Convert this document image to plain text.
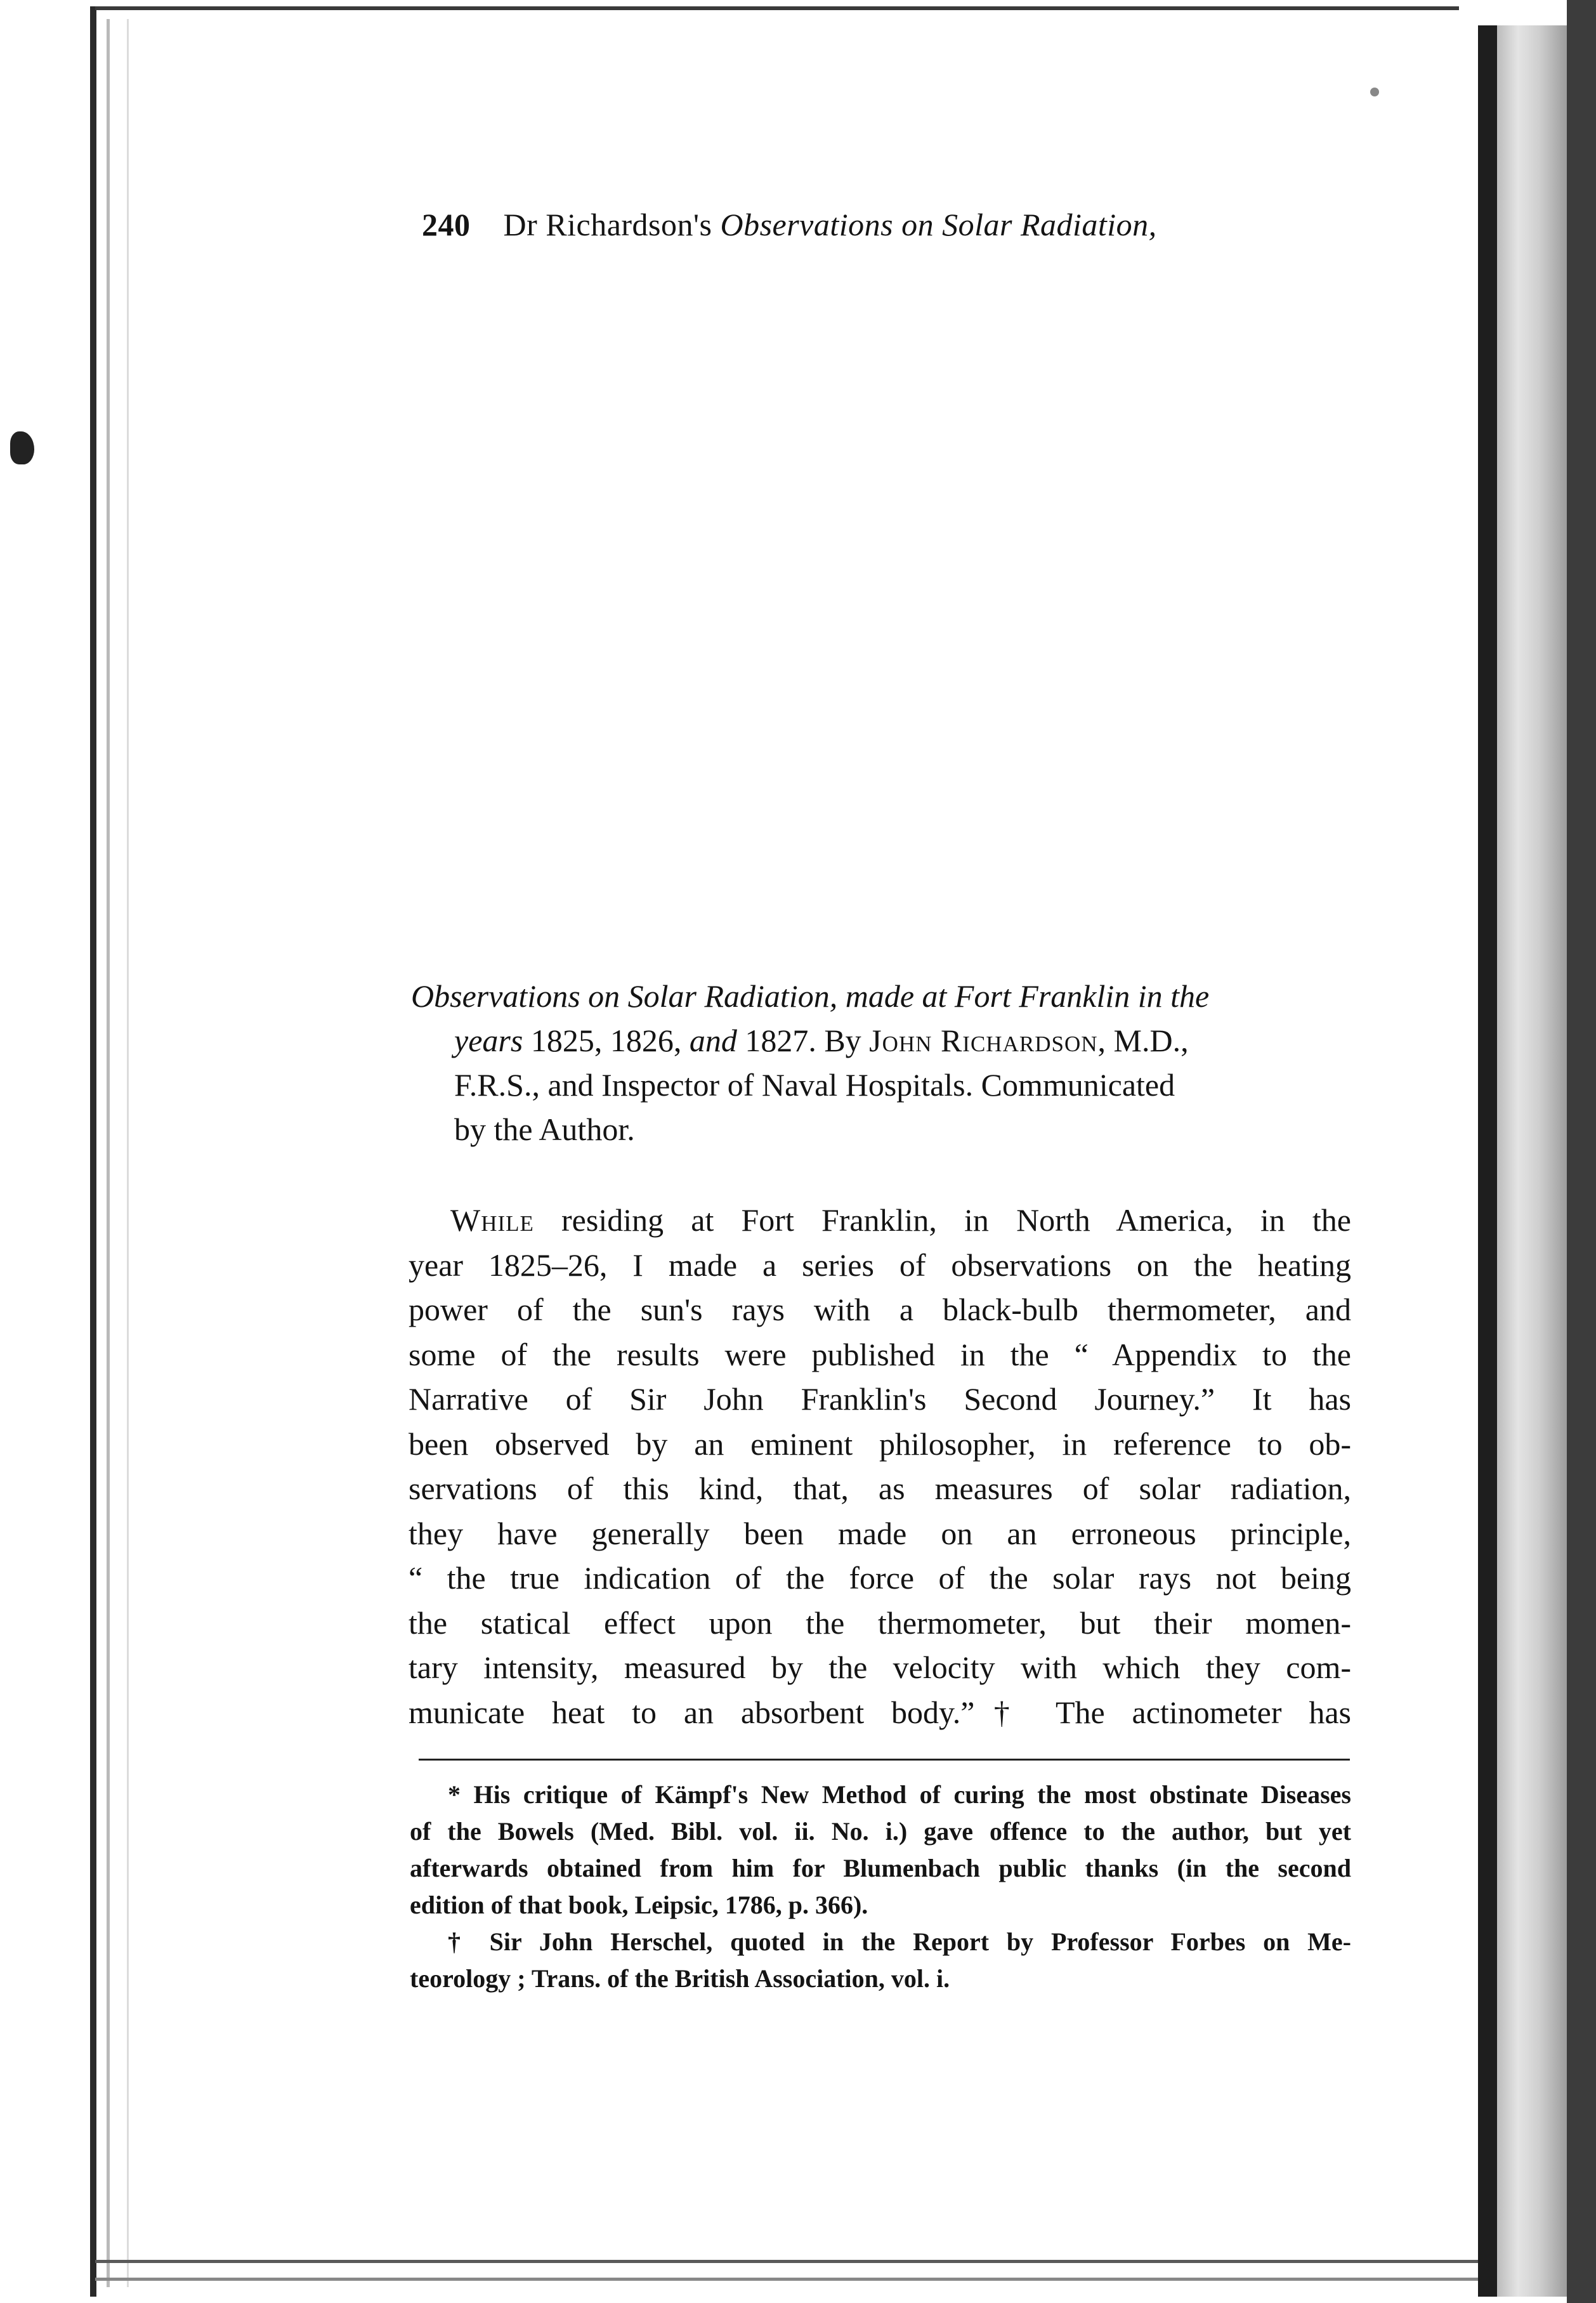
240 Dr Richardson's Observations on Solar Radiation,
Observations on Solar Radiation, made at Fort Franklin in the
years 1825, 1826, and 1827. By John Richardson, M.D.,
F.R.S., and Inspector of Naval Hospitals. Communicated
by the Author.
While residing at Fort Franklin, in North America, in the
year 1825–26, I made a series of observations on the heating
power of the sun's rays with a black-bulb thermometer, and
some of the results were published in the “ Appendix to the
Narrative of Sir John Franklin's Second Journey.” It has
been observed by an eminent philosopher, in reference to ob-
servations of this kind, that, as measures of solar radiation,
they have generally been made on an erroneous principle,
“ the true indication of the force of the solar rays not being
the statical effect upon the thermometer, but their momen-
tary intensity, measured by the velocity with which they com-
municate heat to an absorbent body.”† The actinometer has
* His critique of Kämpf's New Method of curing the most obstinate Diseases
of the Bowels (Med. Bibl. vol. ii. No. i.) gave offence to the author, but yet
afterwards obtained from him for Blumenbach public thanks (in the second
edition of that book, Leipsic, 1786, p. 366).
† Sir John Herschel, quoted in the Report by Professor Forbes on Me-
teorology ; Trans. of the British Association, vol. i.
